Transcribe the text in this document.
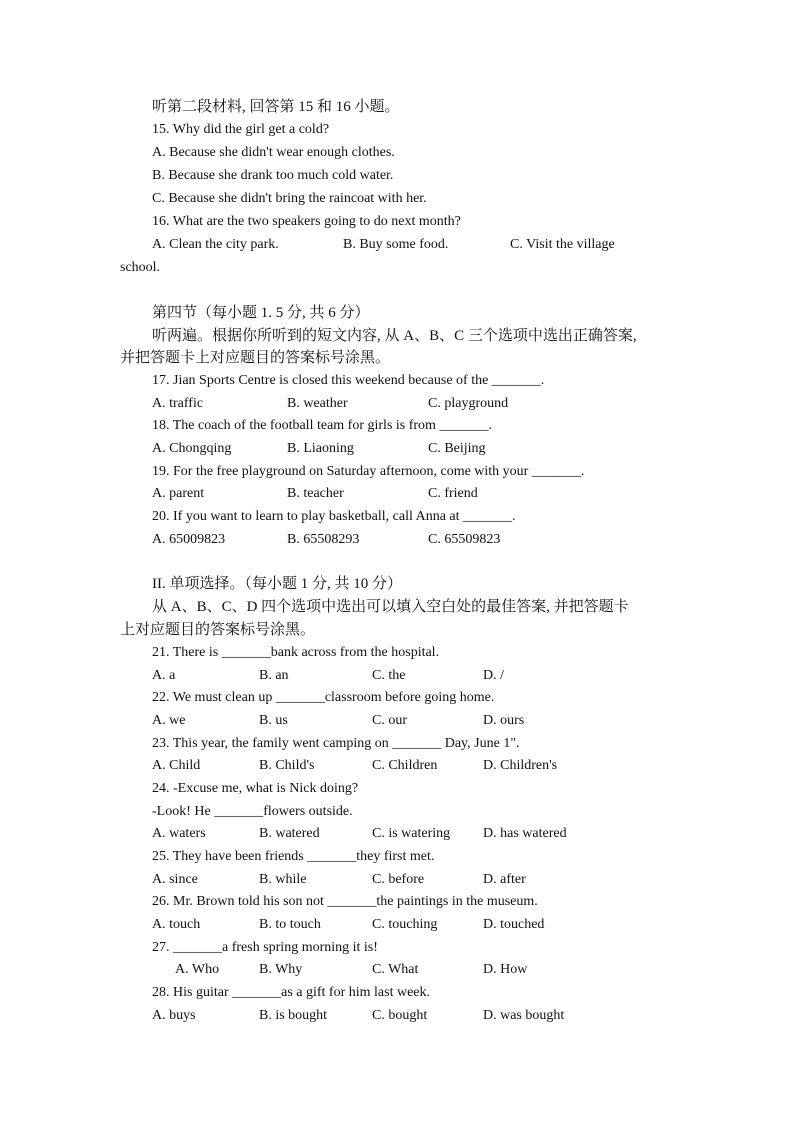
听第二段材料, 回答第 15 和 16 小题。
15. Why did the girl get a cold?
A. Because she didn't wear enough clothes.
B. Because she drank too much cold water.
C. Because she didn't bring the raincoat with her.
16. What are the two speakers going to do next month?
A. Clean the city park.	B. Buy some food.	C. Visit the village
school.
第四节（每小题 1. 5 分, 共 6 分）
听两遍。根据你所听到的短文内容, 从 A、B、C 三个选项中选出正确答案,
并把答题卡上对应题目的答案标号涂黑。
17. Jian Sports Centre is closed this weekend because of the _______.
A. traffic	B. weather	C. playground
18. The coach of the football team for girls is from _______.
A. Chongqing	B. Liaoning	C. Beijing
19. For the free playground on Saturday afternoon, come with your _______.
A. parent	B. teacher	C. friend
20. If you want to learn to play basketball, call Anna at _______.
A. 65009823	B. 65508293	C. 65509823
II. 单项选择。（每小题 1 分, 共 10 分）
从 A、B、C、D 四个选项中选出可以填入空白处的最佳答案, 并把答题卡
上对应题目的答案标号涂黑。
21. There is _______bank across from the hospital.
A. a	B. an	C. the	D. /
22. We must clean up _______classroom before going home.
A. we	B. us	C. our	D. ours
23. This year, the family went camping on _______ Day, June 1".
A. Child	B. Child's	C. Children	D. Children's
24. -Excuse me, what is Nick doing?
-Look! He _______flowers outside.
A. waters	B. watered	C. is watering D. has watered
25. They have been friends _______they first met.
A. since	B. while	C. before	D. after
26. Mr. Brown told his son not _______the paintings in the museum.
A. touch	B. to touch	C. touching	D. touched
27. _______a fresh spring morning it is!
A. Who	B. Why	C. What	D. How
28. His guitar _______as a gift for him last week.
A. buys	B. is bought	C. bought	D. was bought
